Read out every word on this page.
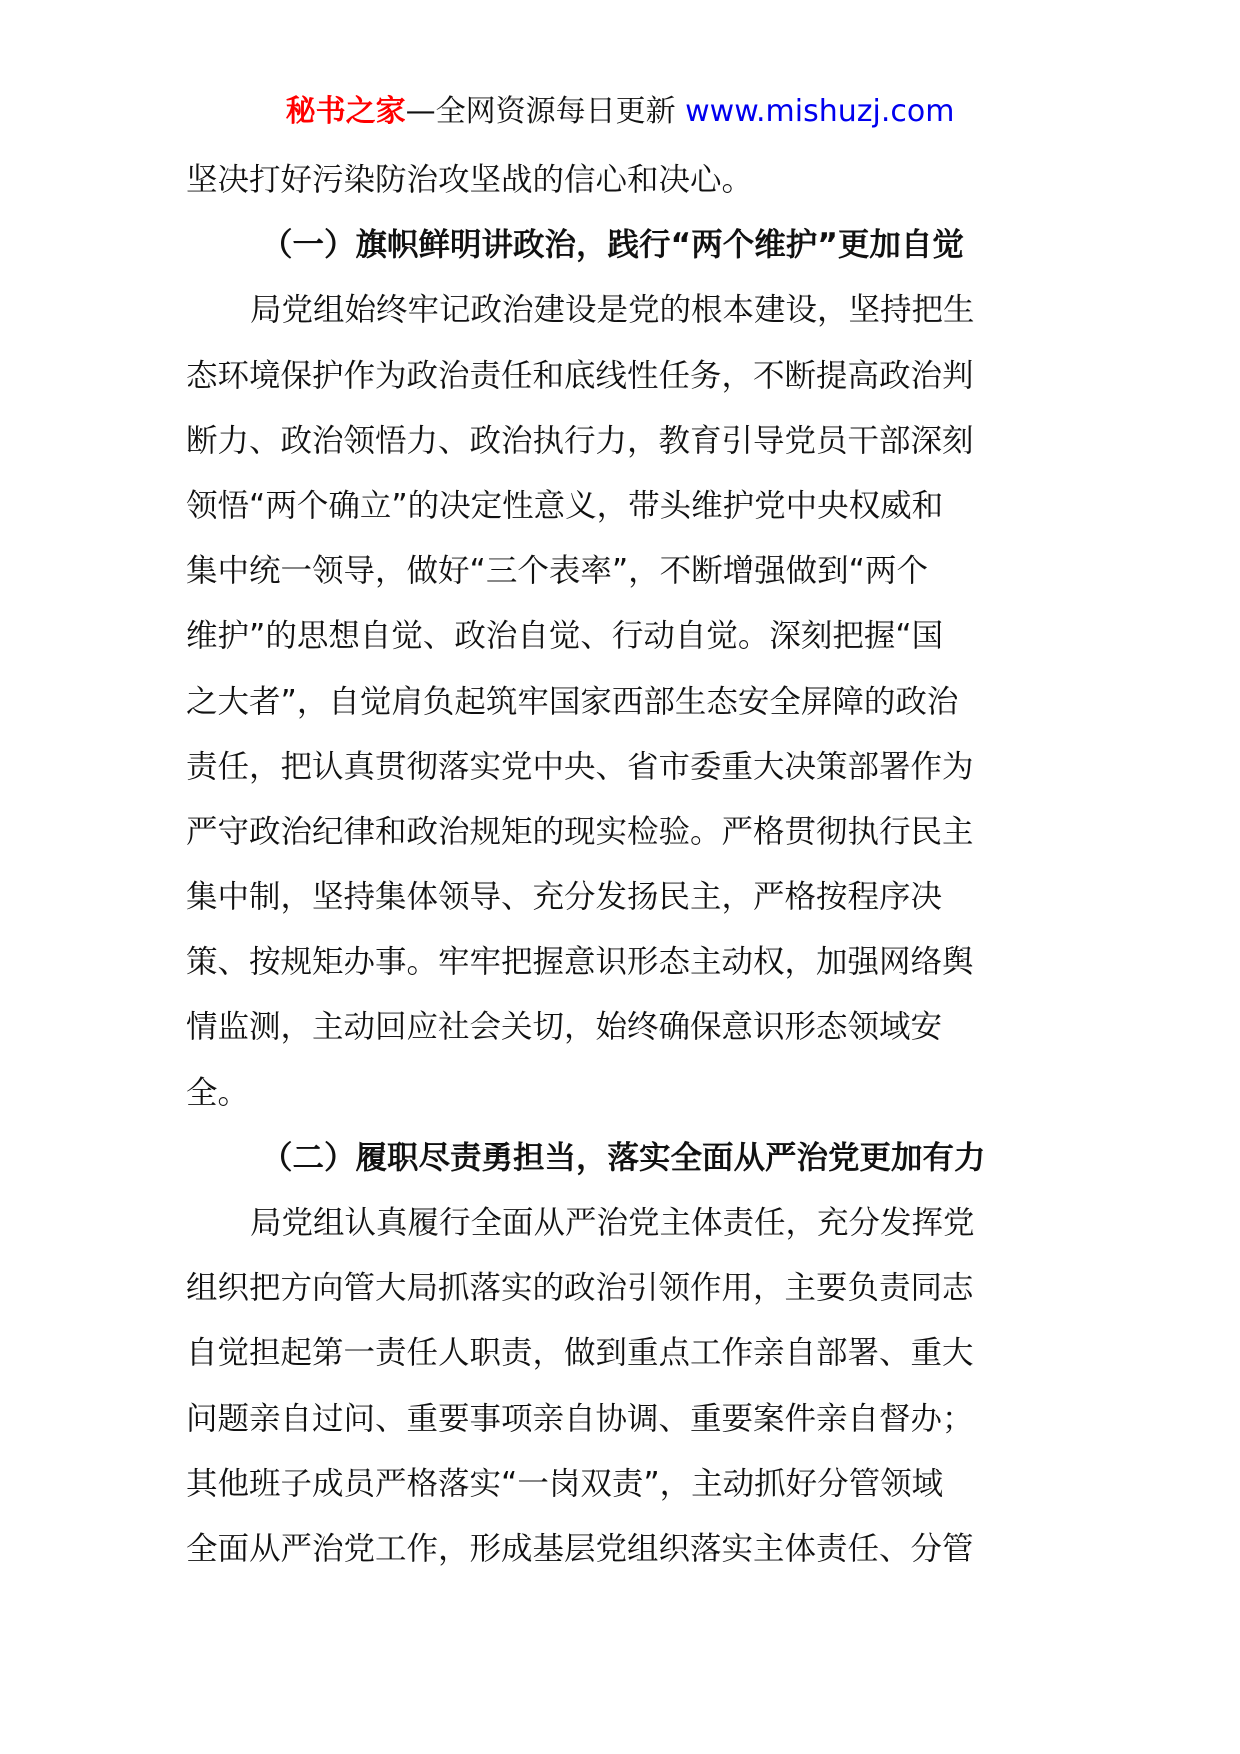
秘书之家—全网资源每日更新 www.mishuzj.com
坚决打好污染防治攻坚战的信心和决心。
（一）旗帜鲜明讲政治，践行“两个维护”更加自觉
局党组始终牢记政治建设是党的根本建设，坚持把生
态环境保护作为政治责任和底线性任务，不断提高政治判
断力、政治领悟力、政治执行力，教育引导党员干部深刻
领悟“两个确立”的决定性意义，带头维护党中央权威和
集中统一领导，做好“三个表率”，不断增强做到“两个
维护”的思想自觉、政治自觉、行动自觉。深刻把握“国
之大者”，自觉肩负起筑牢国家西部生态安全屏障的政治
责任，把认真贯彻落实党中央、省市委重大决策部署作为
严守政治纪律和政治规矩的现实检验。严格贯彻执行民主
集中制，坚持集体领导、充分发扬民主，严格按程序决
策、按规矩办事。牢牢把握意识形态主动权，加强网络舆
情监测，主动回应社会关切，始终确保意识形态领域安
全。
（二）履职尽责勇担当，落实全面从严治党更加有力
局党组认真履行全面从严治党主体责任，充分发挥党
组织把方向管大局抓落实的政治引领作用，主要负责同志
自觉担起第一责任人职责，做到重点工作亲自部署、重大
问题亲自过问、重要事项亲自协调、重要案件亲自督办；
其他班子成员严格落实“一岗双责”，主动抓好分管领域
全面从严治党工作，形成基层党组织落实主体责任、分管
